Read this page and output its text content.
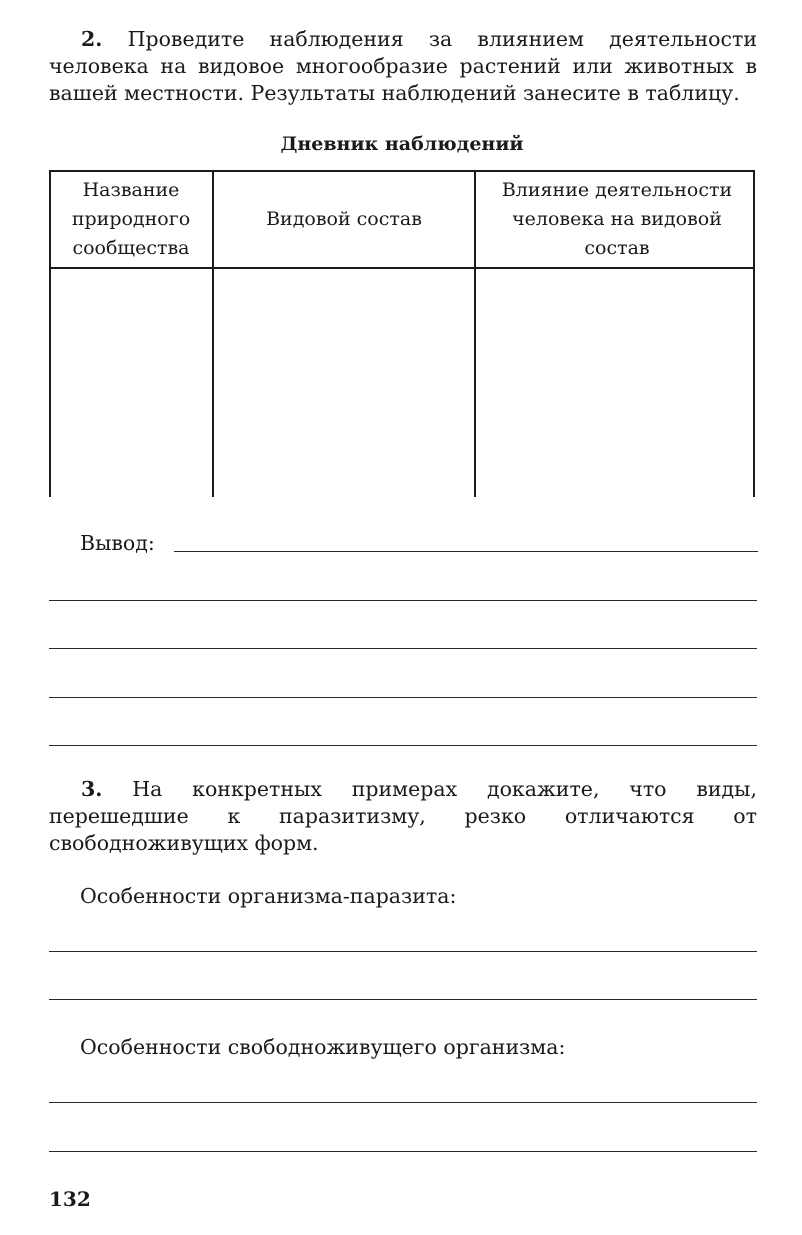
2. Проведите наблюдения за влиянием деятельности человека на видовое многообразие растений или животных в вашей местности. Результаты наблюдений занесите в таблицу.

Дневник наблюдений

Название природного сообщества
Видовой состав
Влияние деятельности человека на видовой состав

Вывод:

3. На конкретных примерах докажите, что виды, перешедшие к паразитизму, резко отличаются от свободноживущих форм.

Особенности организма-паразита:

Особенности свободноживущего организма:

132
